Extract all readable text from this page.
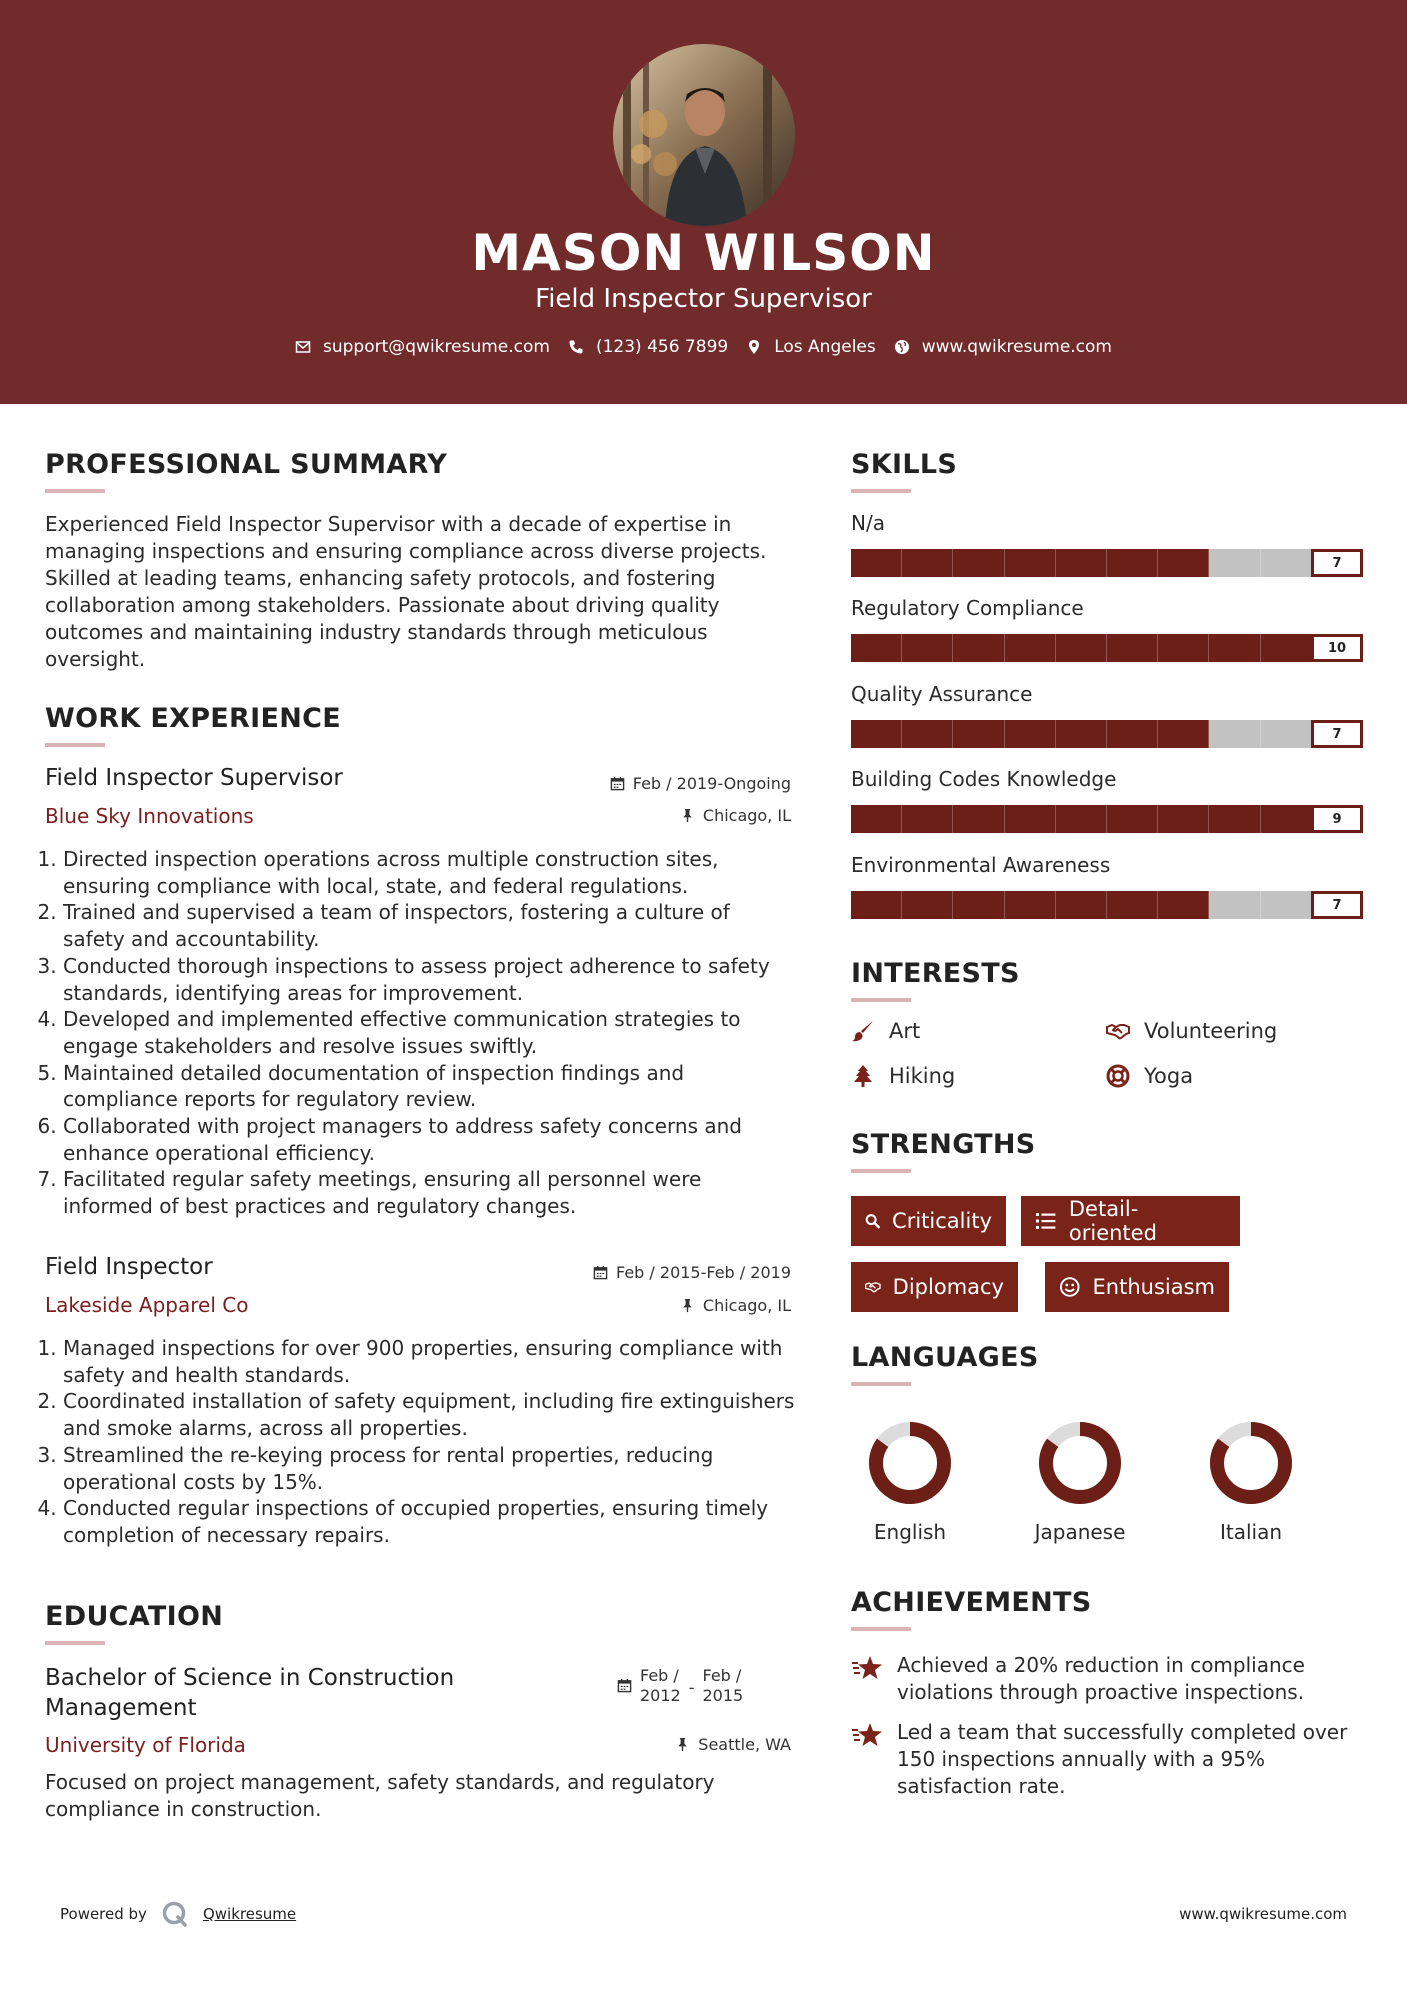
MASON WILSON
Field Inspector Supervisor
support@qwikresume.com	(123) 456 7899	Los Angeles	www.qwikresume.com
PROFESSIONAL SUMMARY
Experienced Field Inspector Supervisor with a decade of expertise in managing inspections and ensuring compliance across diverse projects. Skilled at leading teams, enhancing safety protocols, and fostering collaboration among stakeholders. Passionate about driving quality outcomes and maintaining industry standards through meticulous oversight.
WORK EXPERIENCE
Field Inspector Supervisor	Feb / 2019-Ongoing
Blue Sky Innovations	Chicago, IL
1. Directed inspection operations across multiple construction sites, ensuring compliance with local, state, and federal regulations.
2. Trained and supervised a team of inspectors, fostering a culture of safety and accountability.
3. Conducted thorough inspections to assess project adherence to safety standards, identifying areas for improvement.
4. Developed and implemented effective communication strategies to engage stakeholders and resolve issues swiftly.
5. Maintained detailed documentation of inspection findings and compliance reports for regulatory review.
6. Collaborated with project managers to address safety concerns and enhance operational efficiency.
7. Facilitated regular safety meetings, ensuring all personnel were informed of best practices and regulatory changes.
Field Inspector	Feb / 2015-Feb / 2019
Lakeside Apparel Co	Chicago, IL
1. Managed inspections for over 900 properties, ensuring compliance with safety and health standards.
2. Coordinated installation of safety equipment, including fire extinguishers and smoke alarms, across all properties.
3. Streamlined the re-keying process for rental properties, reducing operational costs by 15%.
4. Conducted regular inspections of occupied properties, ensuring timely completion of necessary repairs.
EDUCATION
Bachelor of Science in Construction
Management
Feb /
2012 -
Feb /
2015
University of Florida	Seattle, WA
Focused on project management, safety standards, and regulatory compliance in construction.
SKILLS
N/a
7
Regulatory Compliance
10
Quality Assurance
7
Building Codes Knowledge
9
Environmental Awareness
7
INTERESTS
Art	Volunteering
Hiking	Yoga
STRENGTHS
Criticality	Detail-oriented
Diplomacy	Enthusiasm
LANGUAGES
English	Japanese	Italian
ACHIEVEMENTS
Achieved a 20% reduction in compliance violations through proactive inspections.
Led a team that successfully completed over 150 inspections annually with a 95% satisfaction rate.
Powered by	Qwikresume	www.qwikresume.com
